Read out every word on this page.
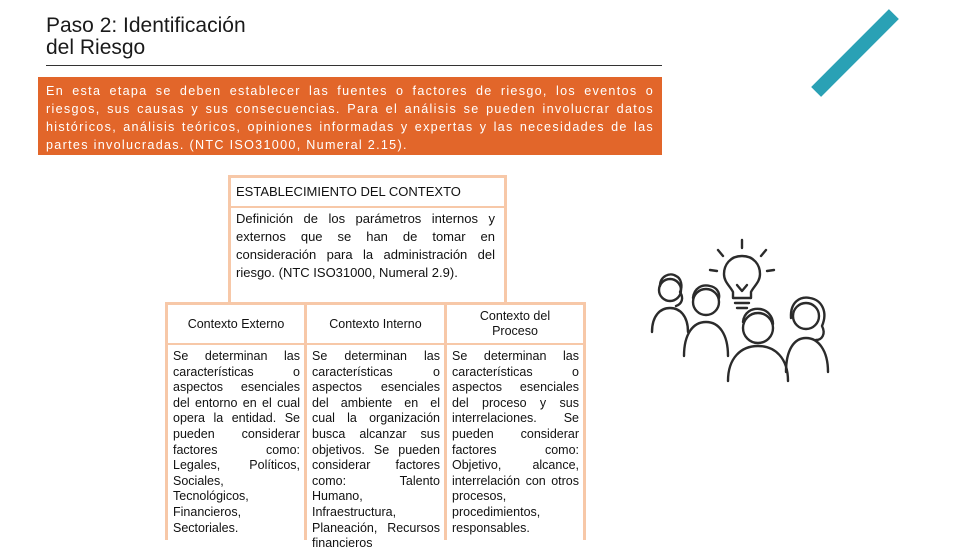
Paso 2: Identificación
del Riesgo

En esta etapa se deben establecer las fuentes o factores de riesgo, los eventos o riesgos, sus causas y sus consecuencias. Para el análisis se pueden involucrar datos históricos, análisis teóricos, opiniones informadas y expertas y las necesidades de las partes involucradas. (NTC ISO31000, Numeral 2.15).

ESTABLECIMIENTO DEL CONTEXTO
Definición de los parámetros internos y externos que se han de tomar en consideración para la administración del riesgo. (NTC ISO31000, Numeral 2.9).
Contexto Externo	Contexto Interno
Contexto del Proceso
Se determinan las características o aspectos esenciales del entorno en el cual opera la entidad. Se pueden considerar factores como: Legales, Políticos, Sociales, Tecnológicos, Financieros, Sectoriales.
Se determinan las características o aspectos esenciales del ambiente en el cual la organización busca alcanzar sus objetivos. Se pueden considerar factores como: Talento Humano, Infraestructura, Planeación, Recursos financieros
Se determinan las características o aspectos esenciales del proceso y sus interrelaciones. Se pueden considerar factores como: Objetivo, alcance, interrelación con otros procesos, procedimientos, responsables.
